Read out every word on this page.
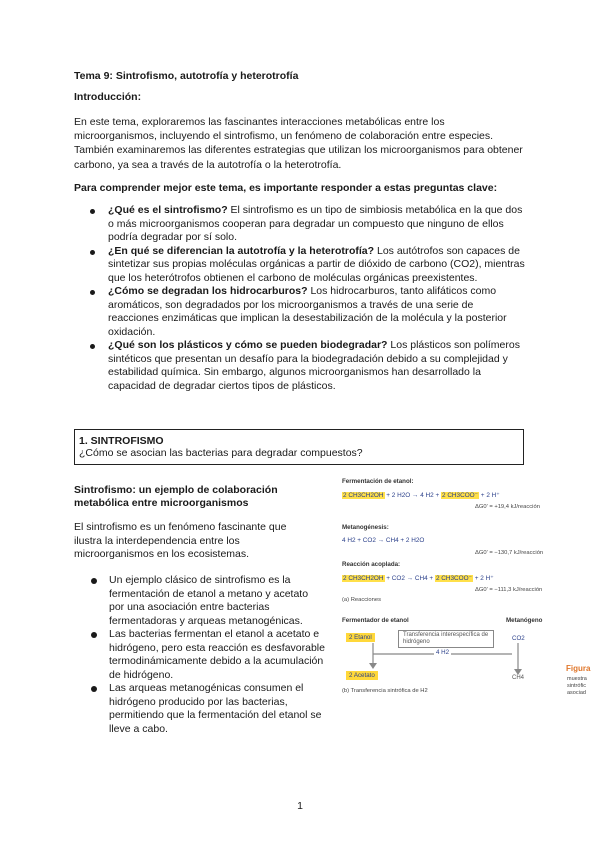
Tema 9: Sintrofismo, autotrofía y heterotrofía
Introducción:

En este tema, exploraremos las fascinantes interacciones metabólicas entre los microorganismos, incluyendo el sintrofismo, un fenómeno de colaboración entre especies. También examinaremos las diferentes estrategias que utilizan los microorganismos para obtener carbono, ya sea a través de la autotrofía o la heterotrofía.

Para comprender mejor este tema, es importante responder a estas preguntas clave:
¿Qué es el sintrofismo? El sintrofismo es un tipo de simbiosis metabólica en la que dos o más microorganismos cooperan para degradar un compuesto que ninguno de ellos podría degradar por sí solo.
¿En qué se diferencian la autotrofía y la heterotrofía? Los autótrofos son capaces de sintetizar sus propias moléculas orgánicas a partir de dióxido de carbono (CO2), mientras que los heterótrofos obtienen el carbono de moléculas orgánicas preexistentes.
¿Cómo se degradan los hidrocarburos? Los hidrocarburos, tanto alifáticos como aromáticos, son degradados por los microorganismos a través de una serie de reacciones enzimáticas que implican la desestabilización de la molécula y la posterior oxidación.
¿Qué son los plásticos y cómo se pueden biodegradar? Los plásticos son polímeros sintéticos que presentan un desafío para la biodegradación debido a su complejidad y estabilidad química. Sin embargo, algunos microorganismos han desarrollado la capacidad de degradar ciertos tipos de plásticos.
1. SINTROFISMO
¿Cómo se asocian las bacterias para degradar compuestos?
Sintrofismo: un ejemplo de colaboración metabólica entre microorganismos

El sintrofismo es un fenómeno fascinante que ilustra la interdependencia entre los microorganismos en los ecosistemas.

Un ejemplo clásico de sintrofismo es la fermentación de etanol a metano y acetato por una asociación entre bacterias fermentadoras y arqueas metanogénicas.
Las bacterias fermentan el etanol a acetato e hidrógeno, pero esta reacción es desfavorable termodinámicamente debido a la acumulación de hidrógeno.
Las arqueas metanogénicas consumen el hidrógeno producido por las bacterias, permitiendo que la fermentación del etanol se lleve a cabo.
Fermentación de etanol:
2 CH3CH2OH + 2 H2O → 4 H2 + 2 CH3COO⁻ + 2 H⁺
ΔG0' = +19,4 kJ/reacción
Metanogénesis:
4 H2 + CO2 → CH4 + 2 H2O
ΔG0' = −130,7 kJ/reacción
Reacción acoplada:
2 CH3CH2OH + CO2 → CH4 + 2 CH3COO⁻ + 2 H⁺
ΔG0' = −111,3 kJ/reacción
(a) Reacciones
Fermentador de etanol	Metanógeno
2 Etanol	Transferencia interespecífica de hidrógeno	CO2
4 H2
CH4
2 Acetato
(b) Transferencia sintrófica de H2
Figura
muestra
sintrófic
asociad
1
